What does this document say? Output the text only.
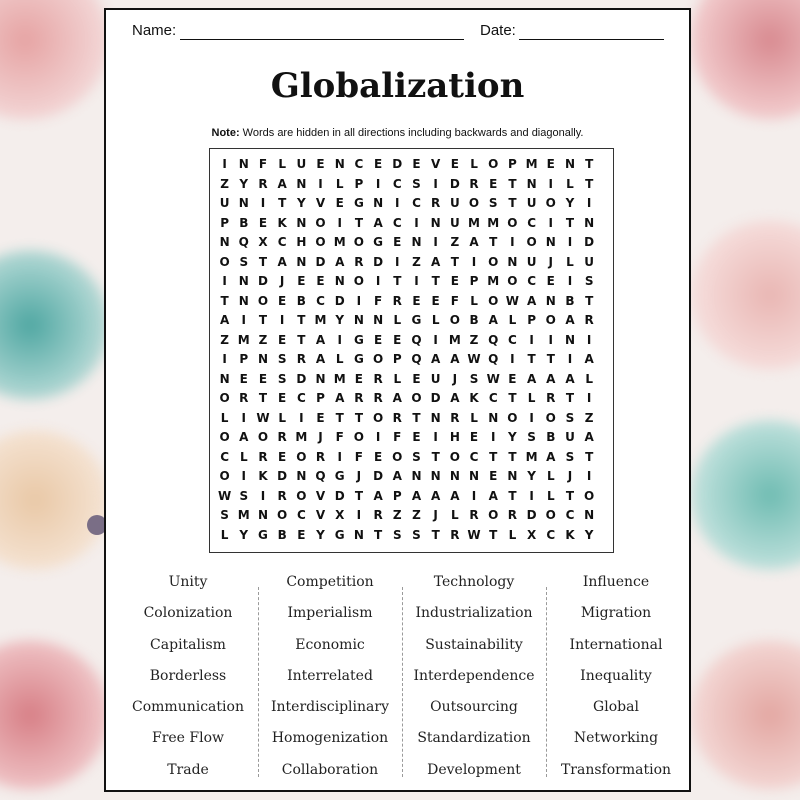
Name:	Date:
Globalization
Note: Words are hidden in all directions including backwards and diagonally.
I N F L U E N C E D E V E L O P M E N T
Z Y R A N I	L P	I	C S	I D R E T N I	L T
U N I	T Y V E G N I	C R U O S T U O Y	I
P B E K N O I	T A C	I N U M M O C	I	T N
N Q X C H O M O G E N I	Z A T	I O N I D
O S T A N D A R D I	Z A T	I O N U	J	L U
I N D J	E E N O I	T	I	T E P M O C E	I	S
T N O E B C D I	F R E E F L O W A N B T
A	I	T	I	T M Y N N L G L O B A L P O A R
Z M Z E T A	I	G E E Q I M Z Q C	I	I N I
I	P N S R A L G O P Q A A W Q I	T T	I	A
N E E S D N M E R L E U	J	S W E A A A L
O R T E C P A R R A O D A K C T L R T	I
L	I W L	I	E T T O R T N R L N O I O S Z
O A O R M J	F O I	F E	I H E	I	Y S B U A
C L R E O R	I	F E O S T O C T T M A S T
O I	K D N Q G	J D A N N N N E N Y L	J	I
W S	I	R O V D T A P A A A	I	A T	I	L T O
S M N O C V X	I	R Z Z	J	L R O R D O C N
L Y G B E Y G N T S S T R W T L X C K Y
Unity
Colonization
Capitalism
Borderless
Communication
Free Flow
Trade
Competition
Imperialism
Economic
Interrelated
Interdisciplinary
Homogenization
Collaboration
Technology
Industrialization
Sustainability
Interdependence
Outsourcing
Standardization
Development
Influence
Migration
International
Inequality
Global
Networking
Transformation
